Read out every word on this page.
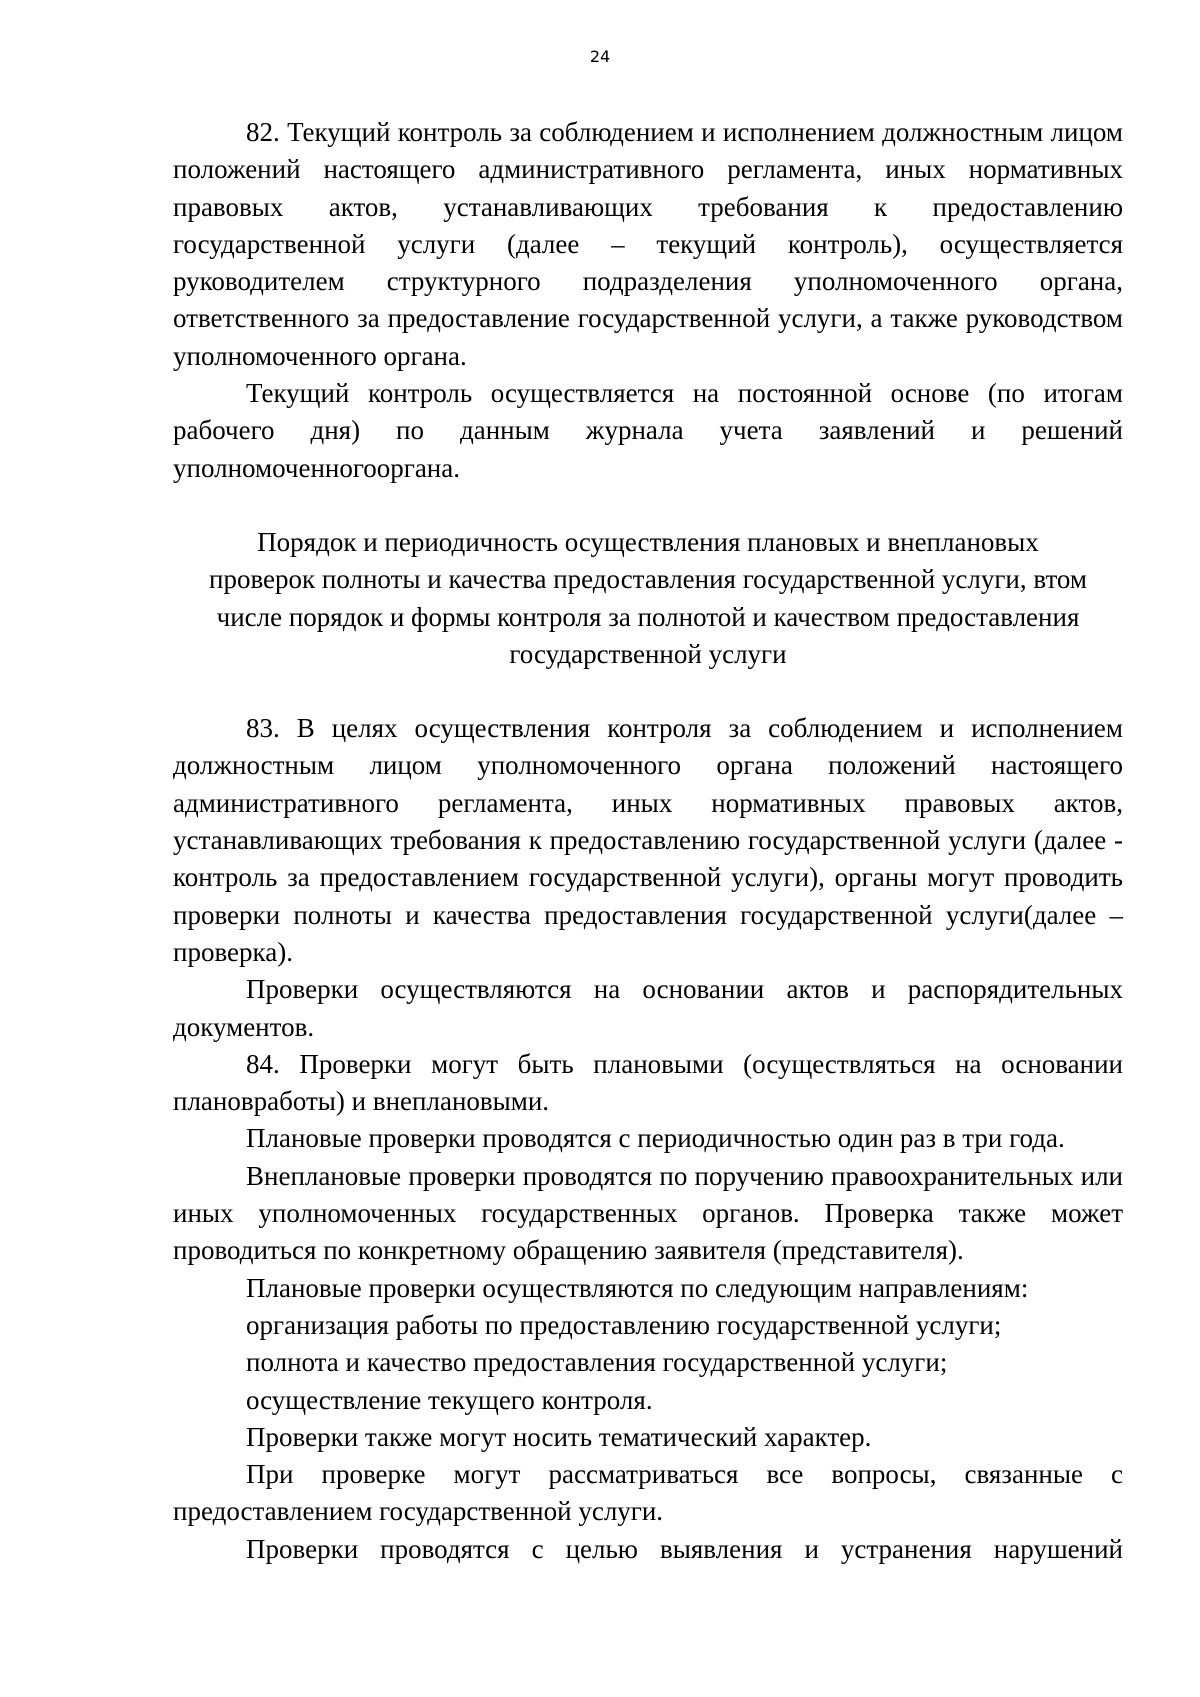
24

82. Текущий контроль за соблюдением и исполнением должностным лицом положений настоящего административного регламента, иных нормативных правовых актов, устанавливающих требования к предоставлению государственной услуги (далее – текущий контроль), осуществляется руководителем структурного подразделения уполномоченного органа, ответственного за предоставление государственной услуги, а также руководством уполномоченного органа.

Текущий контроль осуществляется на постоянной основе (по итогам рабочего дня) по данным журнала учета заявлений и решений уполномоченногооргана.

Порядок и периодичность осуществления плановых и внеплановых
проверок полноты и качества предоставления государственной услуги, втом
числе порядок и формы контроля за полнотой и качеством предоставления
государственной услуги

83. В целях осуществления контроля за соблюдением и исполнением должностным лицом уполномоченного органа положений настоящего административного регламента, иных нормативных правовых актов, устанавливающих требования к предоставлению государственной услуги (далее - контроль за предоставлением государственной услуги), органы могут проводить проверки полноты и качества предоставления государственной услуги(далее – проверка).

Проверки осуществляются на основании актов и распорядительных документов.

84. Проверки могут быть плановыми (осуществляться на основании плановработы) и внеплановыми.

Плановые проверки проводятся с периодичностью один раз в три года.

Внеплановые проверки проводятся по поручению правоохранительных или иных уполномоченных государственных органов. Проверка также может проводиться по конкретному обращению заявителя (представителя).

Плановые проверки осуществляются по следующим направлениям:

организация работы по предоставлению государственной услуги;

полнота и качество предоставления государственной услуги;

осуществление текущего контроля.

Проверки также могут носить тематический характер.

При проверке могут рассматриваться все вопросы, связанные с предоставлением государственной услуги.

Проверки проводятся с целью выявления и устранения нарушений
